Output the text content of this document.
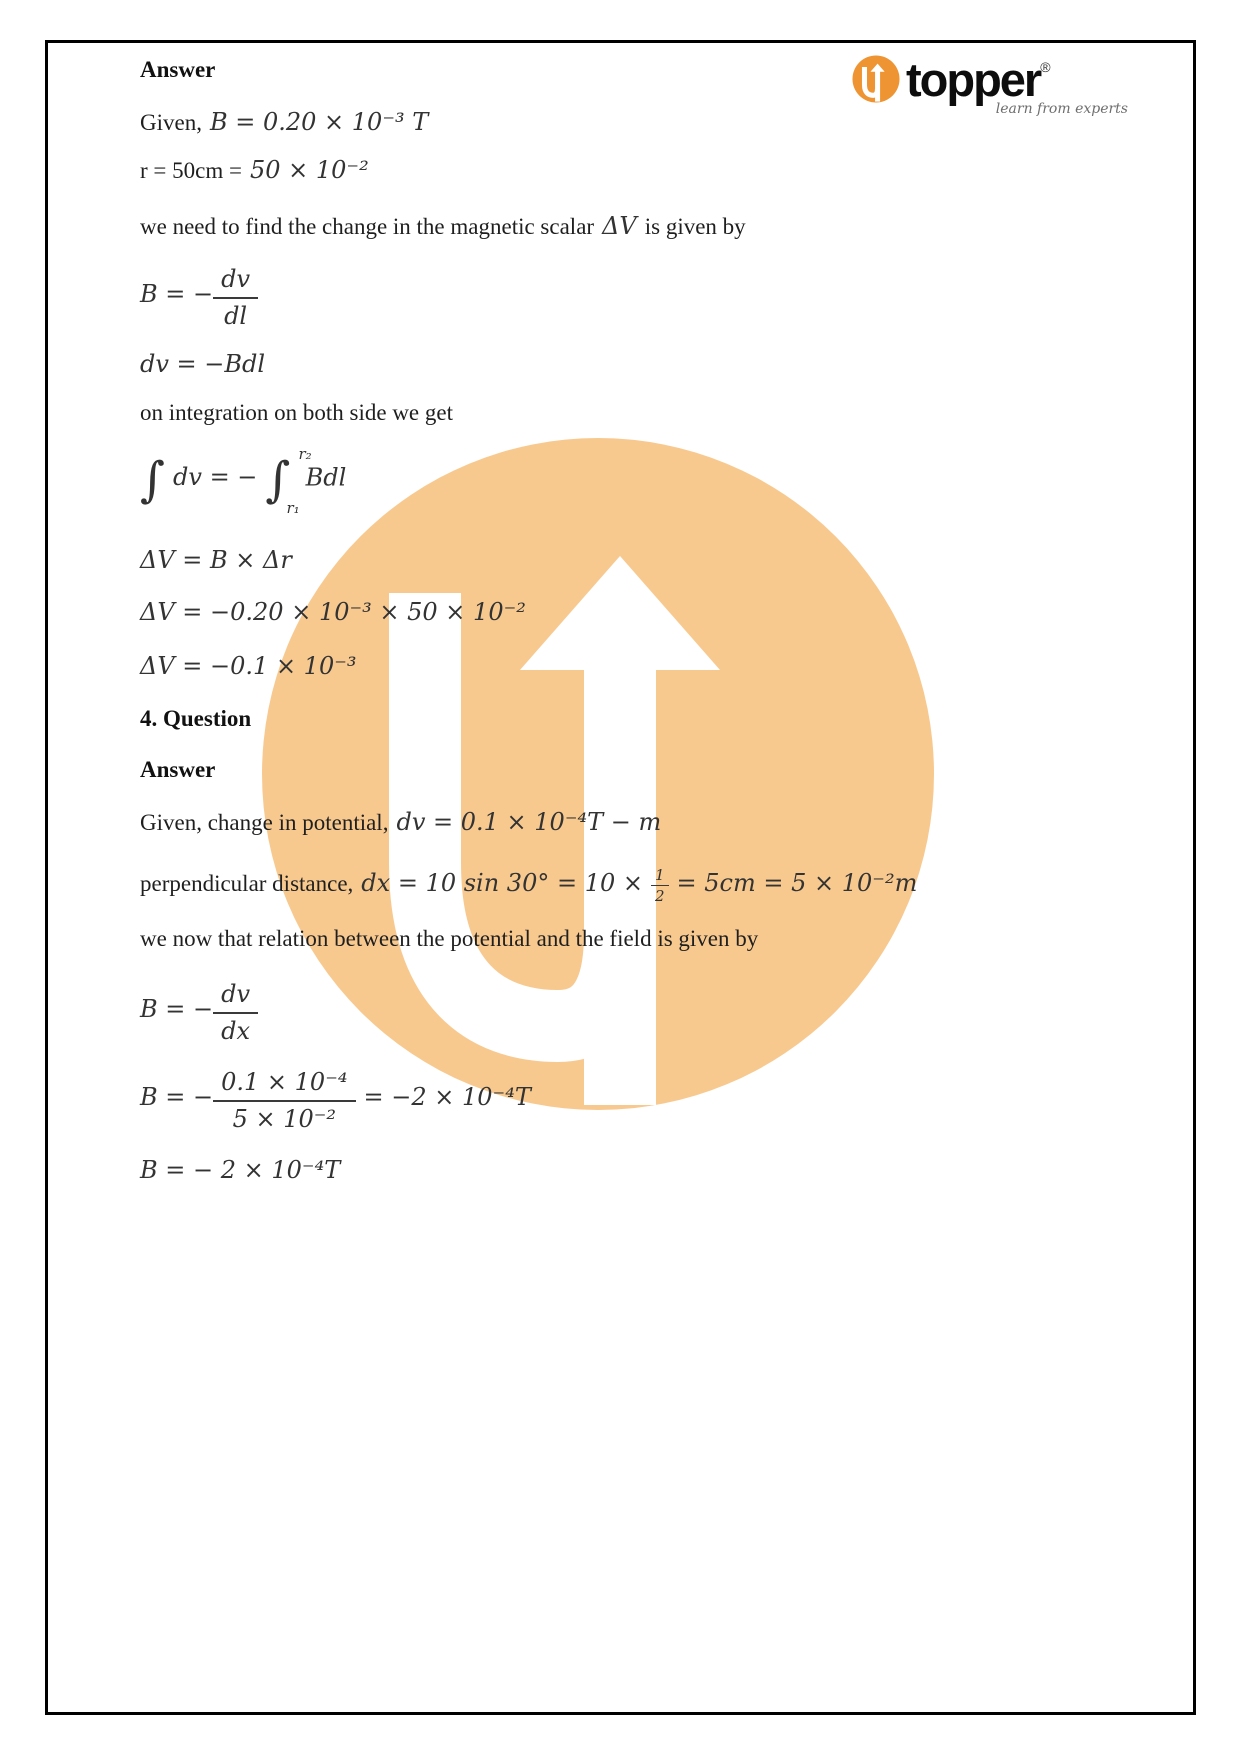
topper®
learn from experts
Answer
Given, B = 0.20 × 10⁻³ T
r = 50cm = 50 × 10⁻²
we need to find the change in the magnetic scalar ΔV is given by
B = − $\frac{dv}{dl}$
dv = −Bdl
on integration on both side we get
∫ dv = − ∫ r₂
r₁
Bdl
ΔV = B × Δr
ΔV = −0.20 × 10⁻³ × 50 × 10⁻²
ΔV = −0.1 × 10⁻³
4. Question
Answer
Given, change in potential, dv = 0.1 × 10⁻⁴T − m
perpendicular distance, dx = 10 $\sin 30^\circ = 10 \times \frac{1}{2} = 5cm = 5 \times 10^{-2}m$
we now that relation between the potential and the field is given by
B = − $\frac{dv}{dx}$
B = − $\frac{\text{0.1 × 10⁻⁴}}{\text{5 × 10⁻²}} = -2 \times 10^{-4}T$
B = − 2 × 10⁻⁴T
